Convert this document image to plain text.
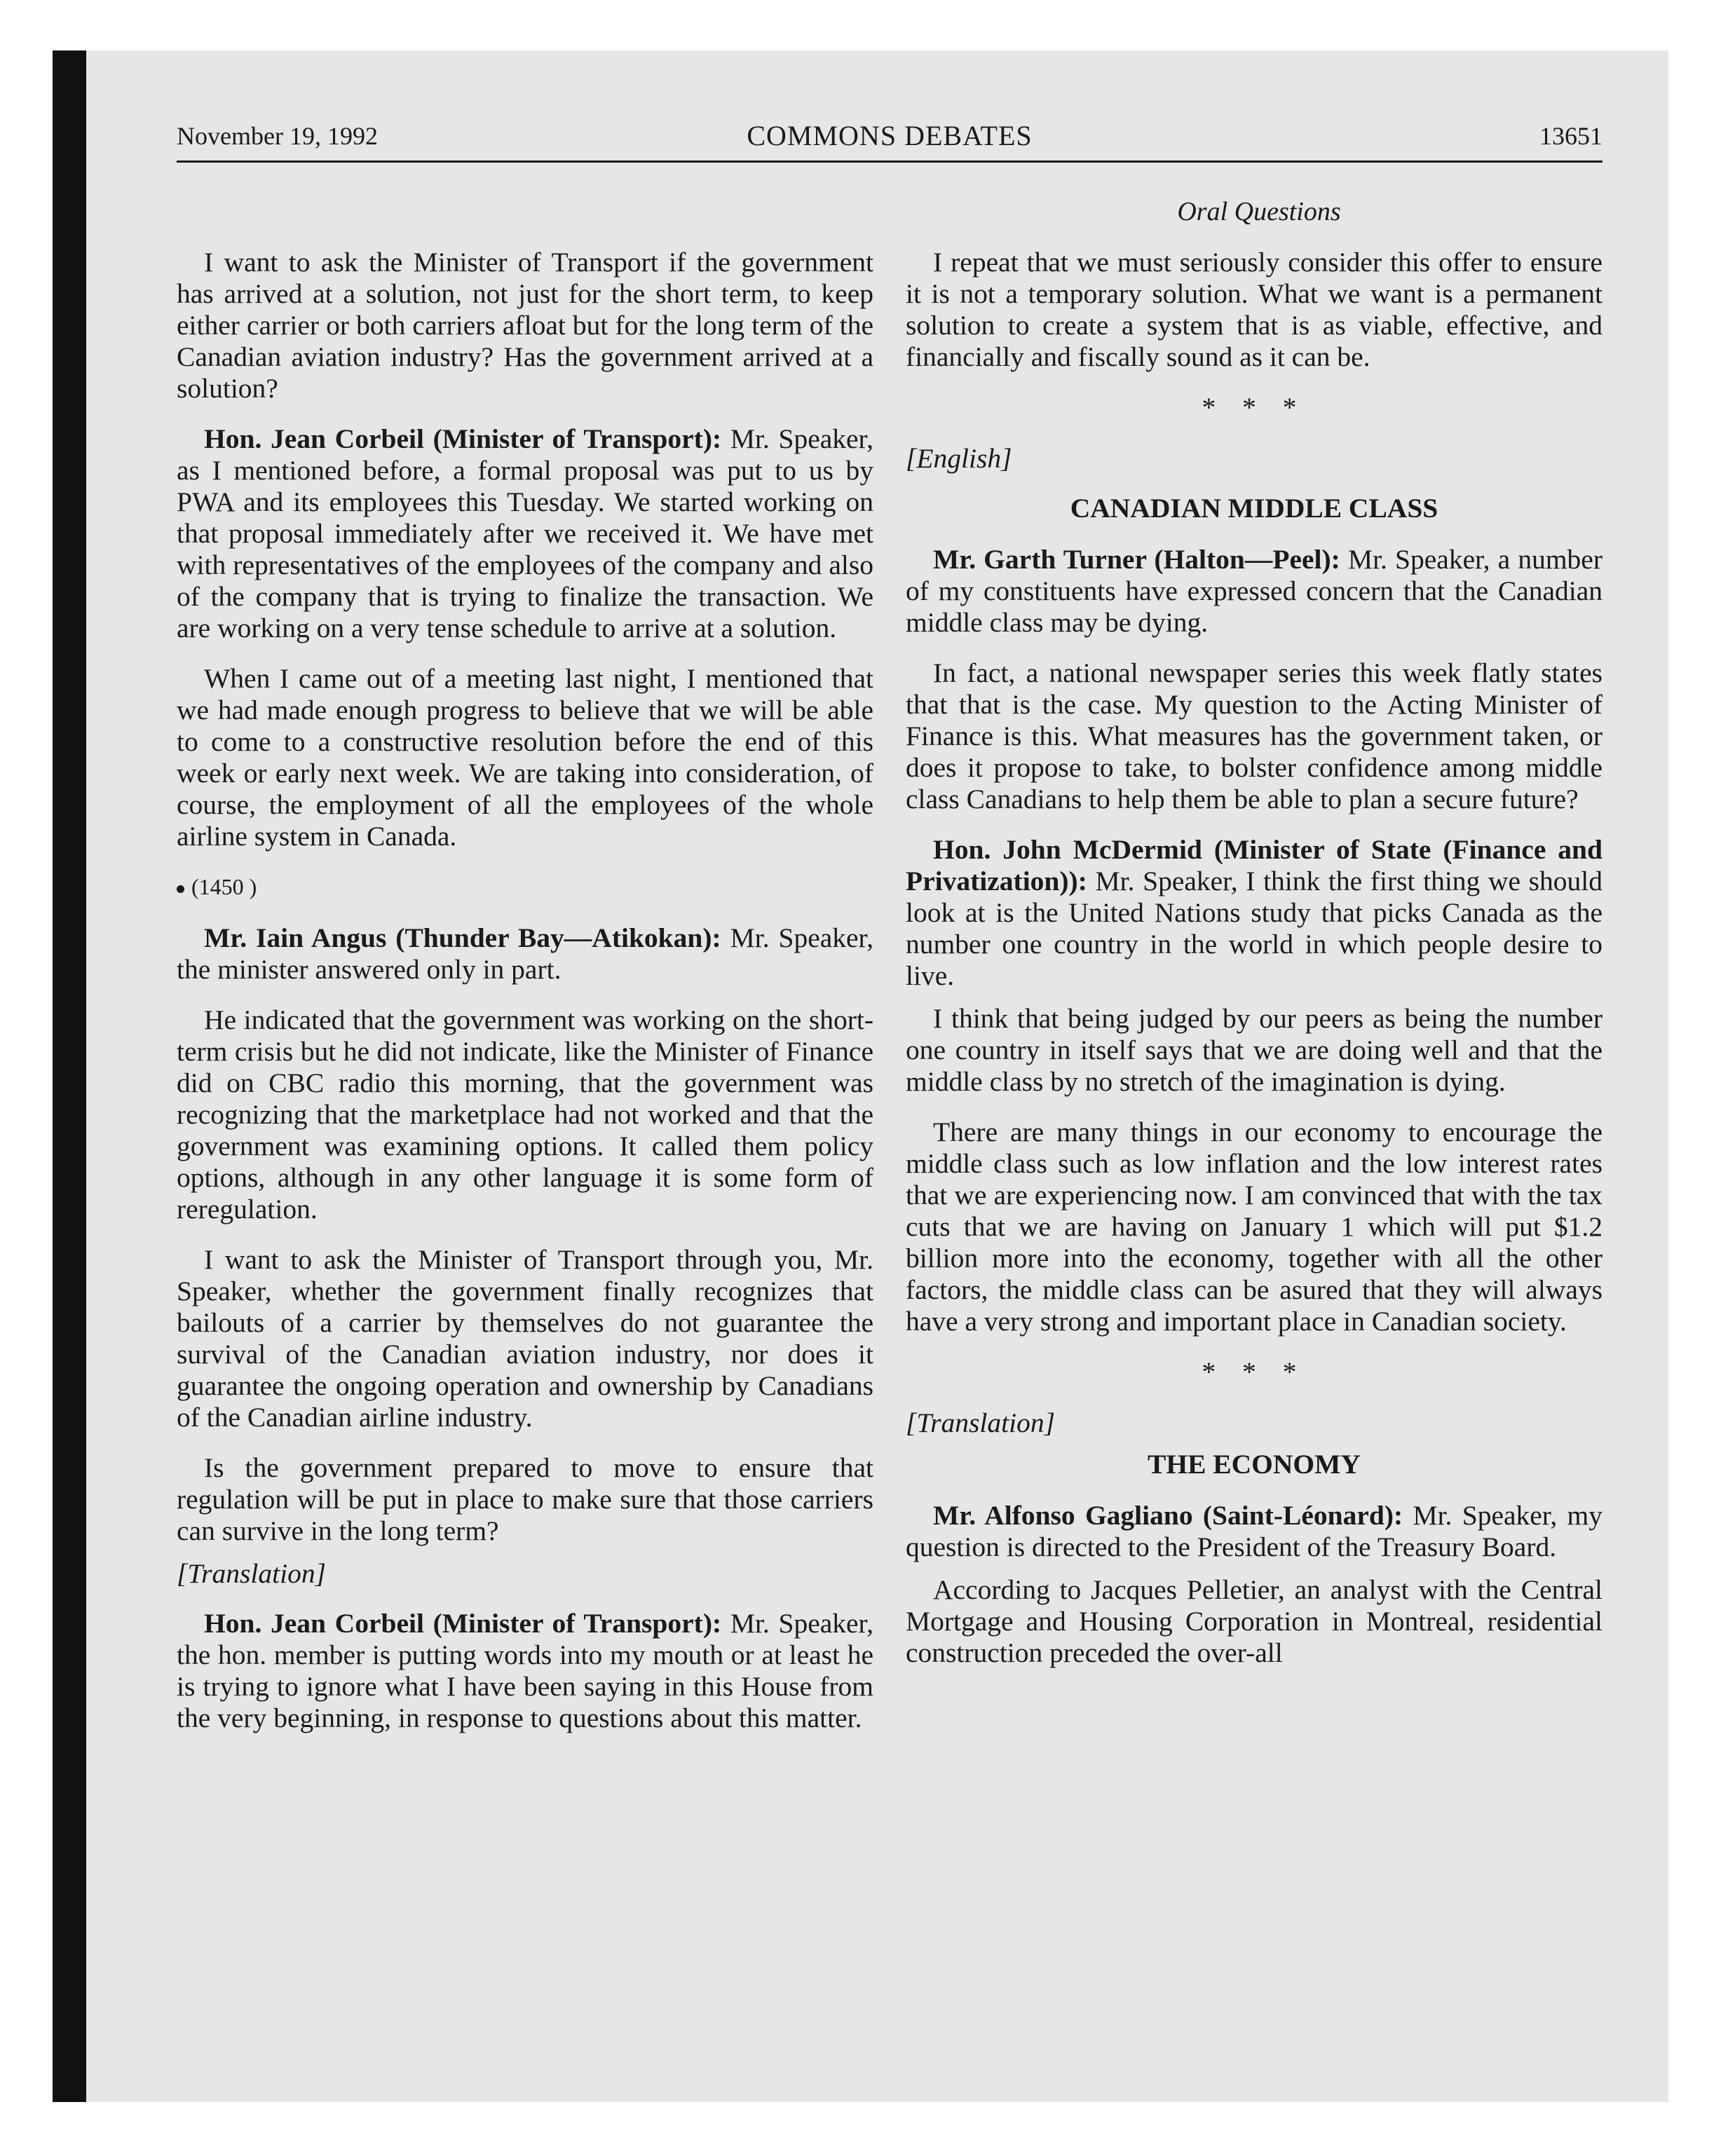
November 19, 1992	COMMONS DEBATES	13651
Oral Questions

I want to ask the Minister of Transport if the government has arrived at a solution, not just for the short term, to keep either carrier or both carriers afloat but for the long term of the Canadian aviation industry? Has the government arrived at a solution?

Hon. Jean Corbeil (Minister of Transport): Mr. Speaker, as I mentioned before, a formal proposal was put to us by PWA and its employees this Tuesday. We started working on that proposal immediately after we received it. We have met with representatives of the employees of the company and also of the company that is trying to finalize the transaction. We are working on a very tense schedule to arrive at a solution.

When I came out of a meeting last night, I mentioned that we had made enough progress to believe that we will be able to come to a constructive resolution before the end of this week or early next week. We are taking into consideration, of course, the employment of all the employees of the whole airline system in Canada.

(1450 )

Mr. Iain Angus (Thunder Bay—Atikokan): Mr. Speaker, the minister answered only in part.

He indicated that the government was working on the short-term crisis but he did not indicate, like the Minister of Finance did on CBC radio this morning, that the government was recognizing that the marketplace had not worked and that the government was examining options. It called them policy options, although in any other language it is some form of reregulation.

I want to ask the Minister of Transport through you, Mr. Speaker, whether the government finally recognizes that bailouts of a carrier by themselves do not guarantee the survival of the Canadian aviation industry, nor does it guarantee the ongoing operation and ownership by Canadians of the Canadian airline industry.

Is the government prepared to move to ensure that regulation will be put in place to make sure that those carriers can survive in the long term?

[Translation]

Hon. Jean Corbeil (Minister of Transport): Mr. Speaker, the hon. member is putting words into my mouth or at least he is trying to ignore what I have been saying in this House from the very beginning, in response to questions about this matter.

I repeat that we must seriously consider this offer to ensure it is not a temporary solution. What we want is a permanent solution to create a system that is as viable, effective, and financially and fiscally sound as it can be.

* * *
[English]
CANADIAN MIDDLE CLASS

Mr. Garth Turner (Halton—Peel): Mr. Speaker, a number of my constituents have expressed concern that the Canadian middle class may be dying.

In fact, a national newspaper series this week flatly states that that is the case. My question to the Acting Minister of Finance is this. What measures has the government taken, or does it propose to take, to bolster confidence among middle class Canadians to help them be able to plan a secure future?

Hon. John McDermid (Minister of State (Finance and Privatization)): Mr. Speaker, I think the first thing we should look at is the United Nations study that picks Canada as the number one country in the world in which people desire to live.

I think that being judged by our peers as being the number one country in itself says that we are doing well and that the middle class by no stretch of the imagination is dying.

There are many things in our economy to encourage the middle class such as low inflation and the low interest rates that we are experiencing now. I am convinced that with the tax cuts that we are having on January 1 which will put $1.2 billion more into the economy, together with all the other factors, the middle class can be asured that they will always have a very strong and important place in Canadian society.

* * *
[Translation]
THE ECONOMY

Mr. Alfonso Gagliano (Saint-Léonard): Mr. Speaker, my question is directed to the President of the Treasury Board.

According to Jacques Pelletier, an analyst with the Central Mortgage and Housing Corporation in Montreal, residential construction preceded the over-all
